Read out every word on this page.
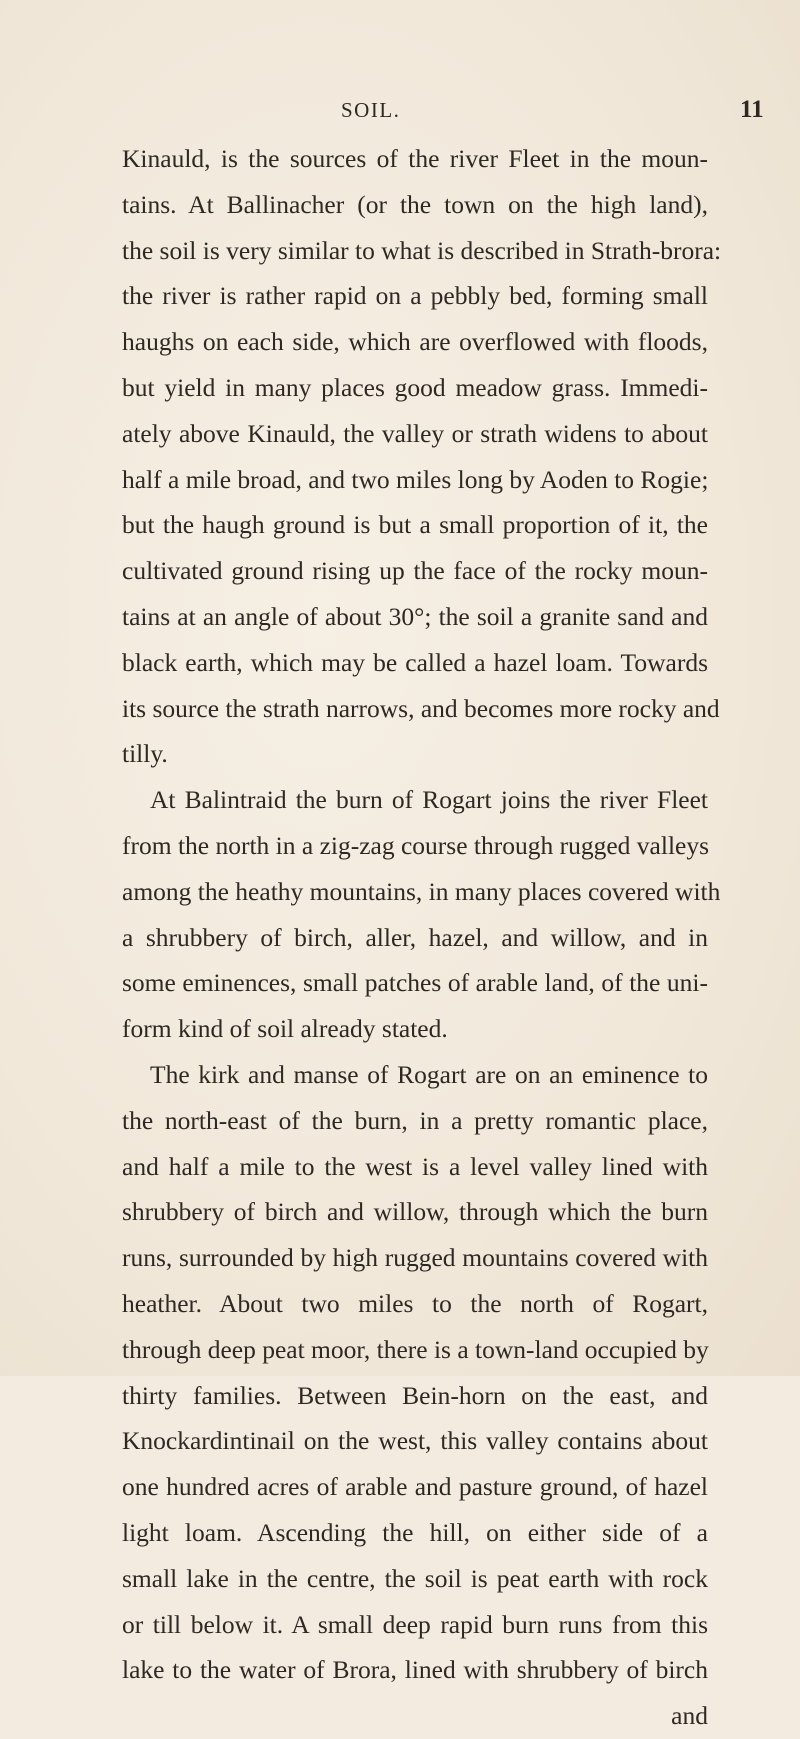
SOIL.	11
Kinauld, is the sources of the river Fleet in the moun-
tains. At Ballinacher (or the town on the high land),
the soil is very similar to what is described in Strath-brora:
the river is rather rapid on a pebbly bed, forming small
haughs on each side, which are overflowed with floods,
but yield in many places good meadow grass. Immedi-
ately above Kinauld, the valley or strath widens to about
half a mile broad, and two miles long by Aoden to Rogie;
but the haugh ground is but a small proportion of it, the
cultivated ground rising up the face of the rocky moun-
tains at an angle of about 30°; the soil a granite sand and
black earth, which may be called a hazel loam. Towards
its source the strath narrows, and becomes more rocky and
tilly.
At Balintraid the burn of Rogart joins the river Fleet
from the north in a zig-zag course through rugged valleys
among the heathy mountains, in many places covered with
a shrubbery of birch, aller, hazel, and willow, and in
some eminences, small patches of arable land, of the uni-
form kind of soil already stated.
The kirk and manse of Rogart are on an eminence to
the north-east of the burn, in a pretty romantic place,
and half a mile to the west is a level valley lined with
shrubbery of birch and willow, through which the burn
runs, surrounded by high rugged mountains covered with
heather. About two miles to the north of Rogart,
through deep peat moor, there is a town-land occupied by
thirty families. Between Bein-horn on the east, and
Knockardintinail on the west, this valley contains about
one hundred acres of arable and pasture ground, of hazel
light loam. Ascending the hill, on either side of a
small lake in the centre, the soil is peat earth with rock
or till below it. A small deep rapid burn runs from this
lake to the water of Brora, lined with shrubbery of birch
and
